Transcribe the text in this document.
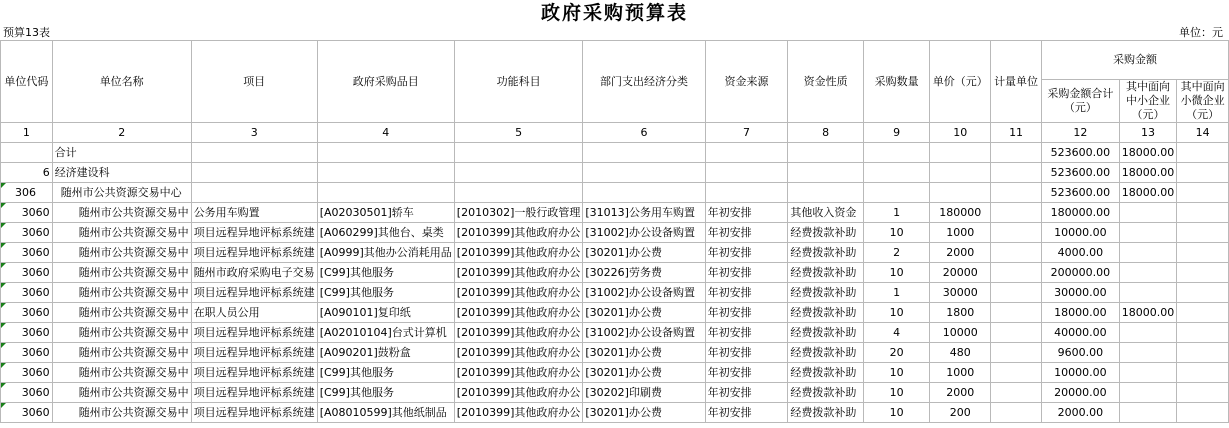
政府采购预算表
预算13表	单位：元
单位代码	单位名称	项目	政府采购品目	功能科目	部门支出经济分类	资金来源	资金性质	采购数量	单价（元）	计量单位	采购金额		
											采购金额合计（元）	其中面向中小企业（元）	其中面向小微企业（元）
1	2	3	4	5	6	7	8	9	10	11	12	13	14
	合计										523600.00	18000.00	
6	经济建设科										523600.00	18000.00	
306	随州市公共资源交易中心										523600.00	18000.00	
3060	随州市公共资源交易中	公务用车购置	[A02030501]轿车	[2010302]一般行政管理	[31013]公务用车购置	年初安排	其他收入资金	1	180000		180000.00		
3060	随州市公共资源交易中	项目远程异地评标系统建	[A060299]其他台、桌类	[2010399]其他政府办公	[31002]办公设备购置	年初安排	经费拨款补助	10	1000		10000.00		
3060	随州市公共资源交易中	项目远程异地评标系统建	[A0999]其他办公消耗用品	[2010399]其他政府办公	[30201]办公费	年初安排	经费拨款补助	2	2000		4000.00		
3060	随州市公共资源交易中	随州市政府采购电子交易	[C99]其他服务	[2010399]其他政府办公	[30226]劳务费	年初安排	经费拨款补助	10	20000		200000.00		
3060	随州市公共资源交易中	项目远程异地评标系统建	[C99]其他服务	[2010399]其他政府办公	[31002]办公设备购置	年初安排	经费拨款补助	1	30000		30000.00		
3060	随州市公共资源交易中	在职人员公用	[A090101]复印纸	[2010399]其他政府办公	[30201]办公费	年初安排	经费拨款补助	10	1800		18000.00	18000.00	
3060	随州市公共资源交易中	项目远程异地评标系统建	[A02010104]台式计算机	[2010399]其他政府办公	[31002]办公设备购置	年初安排	经费拨款补助	4	10000		40000.00		
3060	随州市公共资源交易中	项目远程异地评标系统建	[A090201]鼓粉盒	[2010399]其他政府办公	[30201]办公费	年初安排	经费拨款补助	20	480		9600.00		
3060	随州市公共资源交易中	项目远程异地评标系统建	[C99]其他服务	[2010399]其他政府办公	[30201]办公费	年初安排	经费拨款补助	10	1000		10000.00		
3060	随州市公共资源交易中	项目远程异地评标系统建	[C99]其他服务	[2010399]其他政府办公	[30202]印刷费	年初安排	经费拨款补助	10	2000		20000.00		
3060	随州市公共资源交易中	项目远程异地评标系统建	[A08010599]其他纸制品	[2010399]其他政府办公	[30201]办公费	年初安排	经费拨款补助	10	200		2000.00		
